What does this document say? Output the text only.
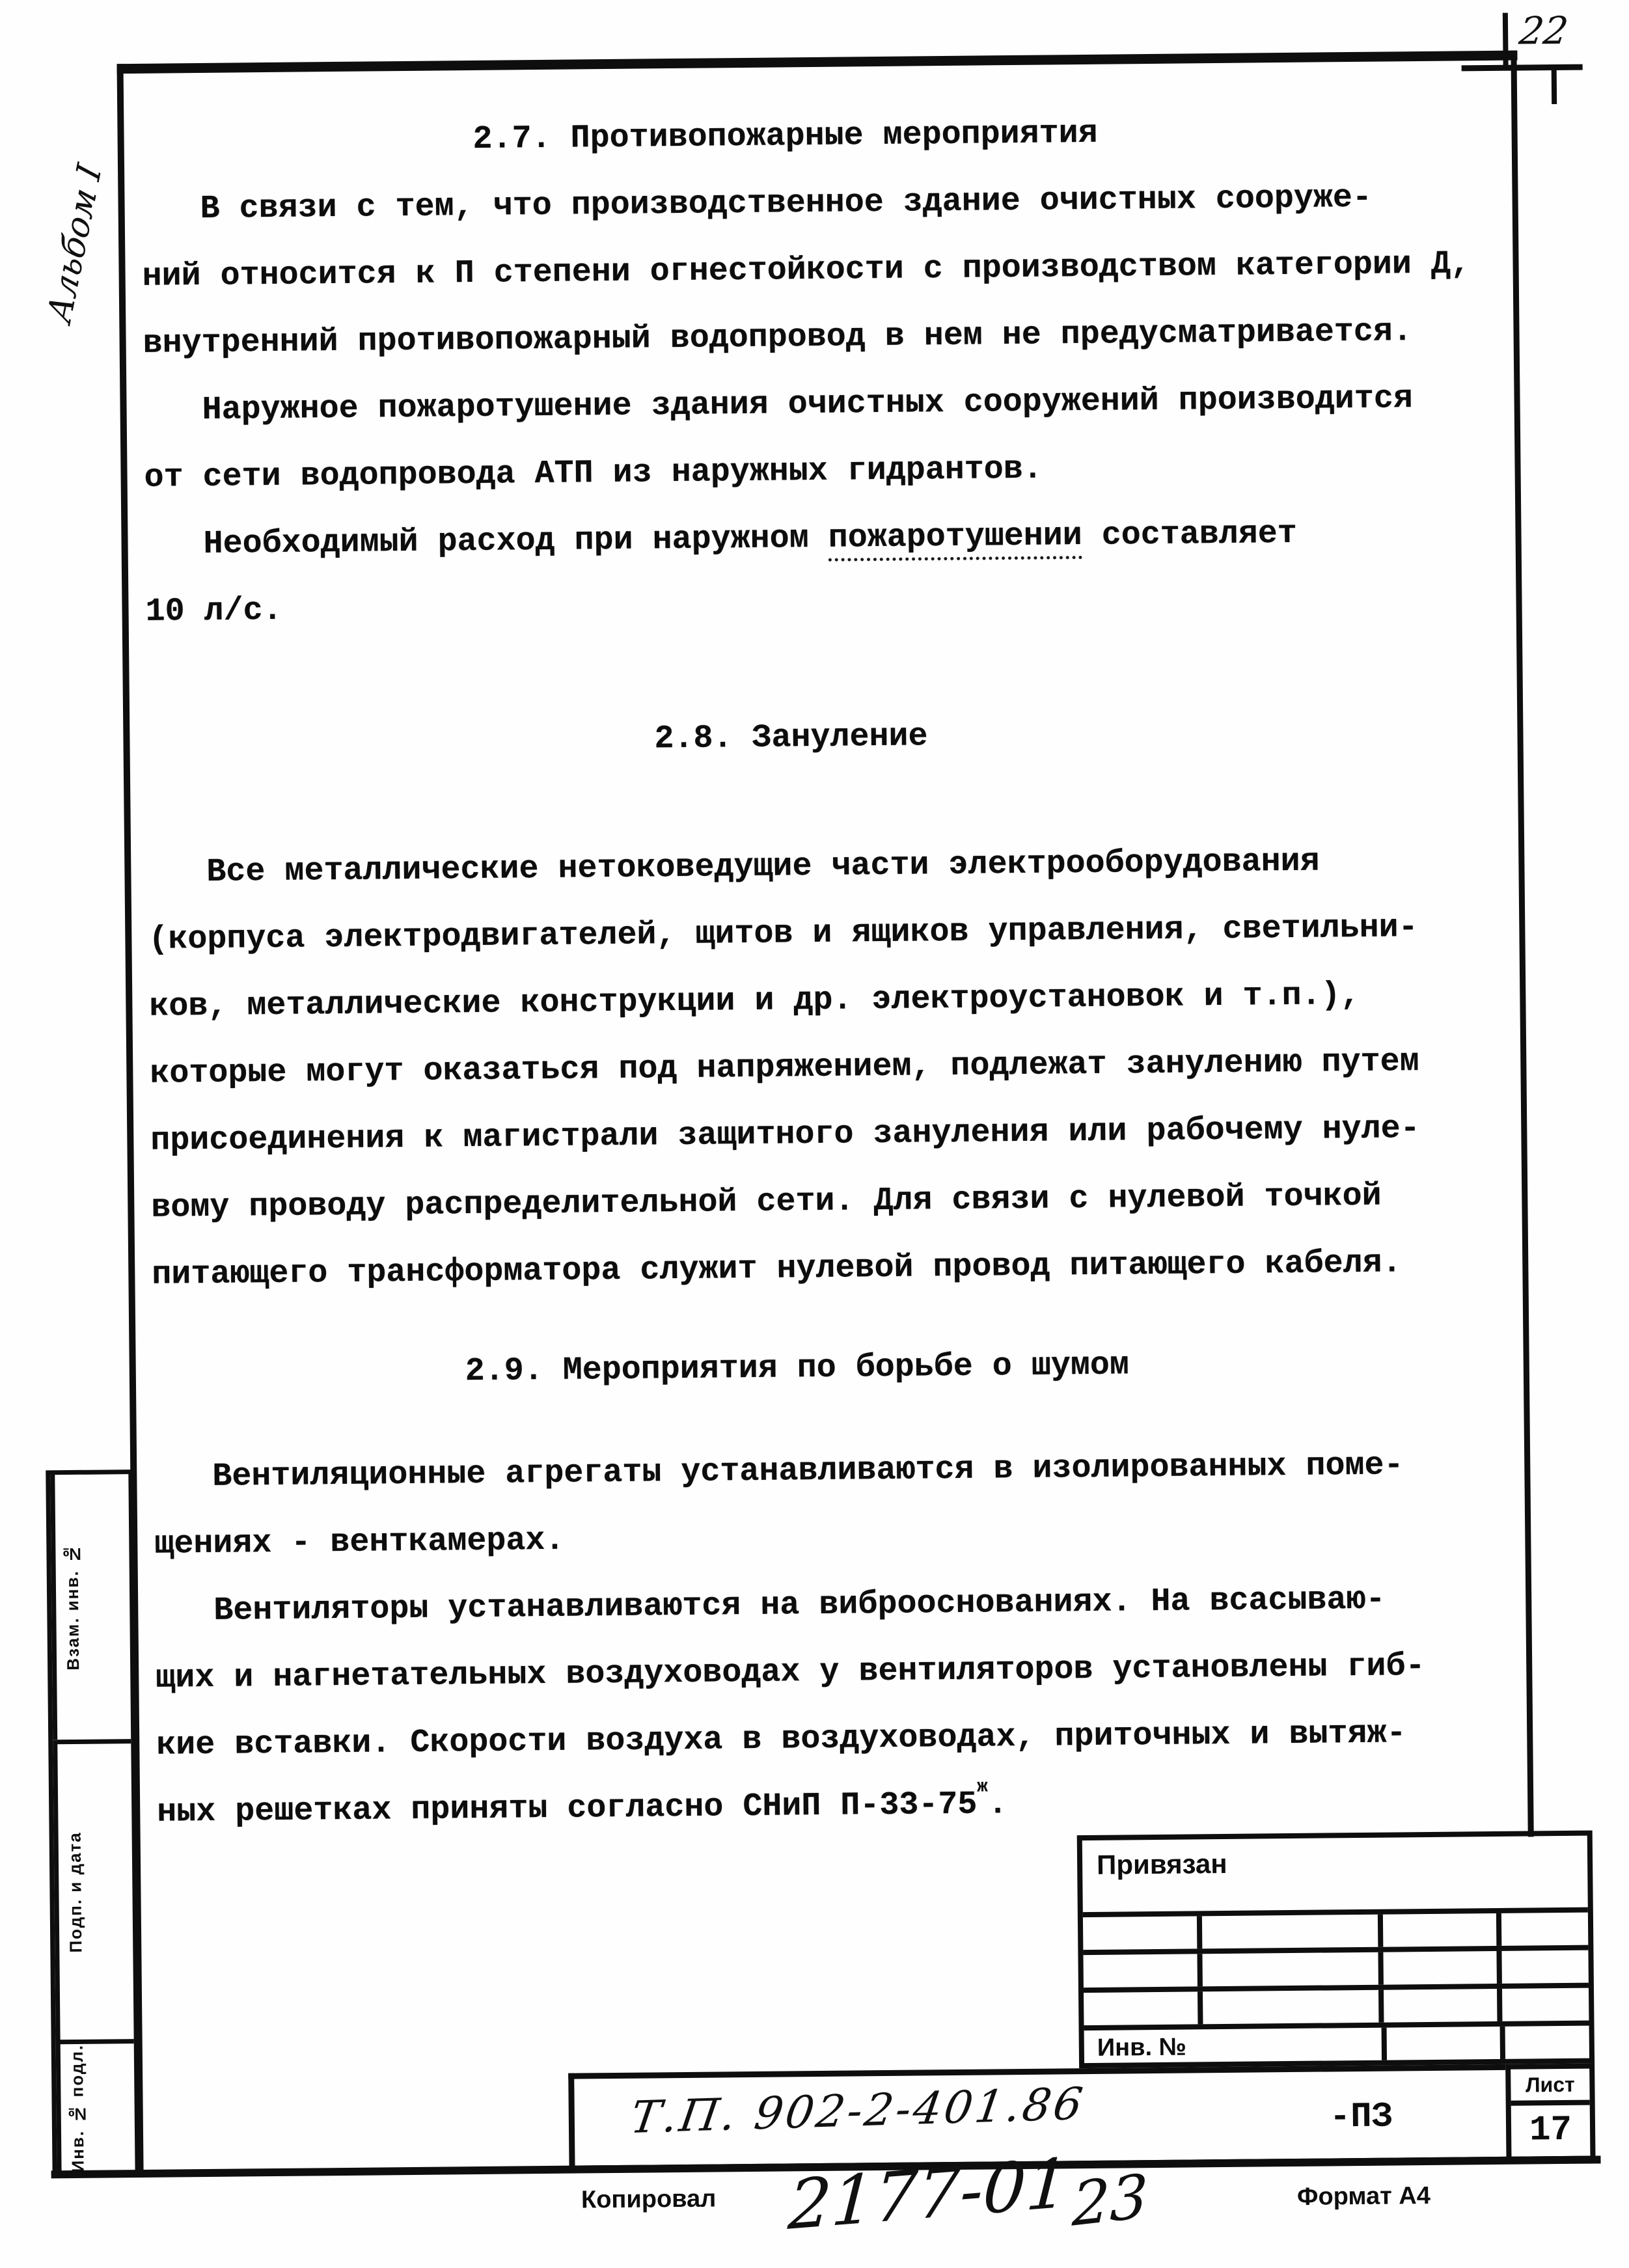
22
Альбом I
2.7. Противопожарные мероприятия
В связи с тем, что производственное здание очистных сооруже-
ний относится к П степени огнестойкости с производством категории Д,
внутренний противопожарный водопровод в нем не предусматривается.
Наружное пожаротушение здания очистных сооружений производится
от сети водопровода АТП из наружных гидрантов.
Необходимый расход при наружном пожаротушении составляет
10 л/с.
2.8. Зануление
Все металлические нетоковедущие части электрооборудования
(корпуса электродвигателей, щитов и ящиков управления, светильни-
ков, металлические конструкции и др. электроустановок и т.п.),
которые могут оказаться под напряжением, подлежат занулению путем
присоединения к магистрали защитного зануления или рабочему нуле-
вому проводу распределительной сети. Для связи с нулевой точкой
питающего трансформатора служит нулевой провод питающего кабеля.
2.9. Мероприятия по борьбе о шумом
Вентиляционные агрегаты устанавливаются в изолированных поме-
щениях - венткамерах.
Вентиляторы устанавливаются на виброоснованиях. На всасываю-
щих и нагнетательных воздуховодах у вентиляторов установлены гиб-
кие вставки. Скорости воздуха в воздуховодах, приточных и вытяж-
ных решетках приняты согласно СНиП П-33-75$^ж$.
Взам. инв. №
Подп. и дата
Инв. № подл.
Привязан
Инв. №
Т.П. 902-2-401.86	-ПЗ
Лист
17
Копировал 2177-01 23	Формат А4
